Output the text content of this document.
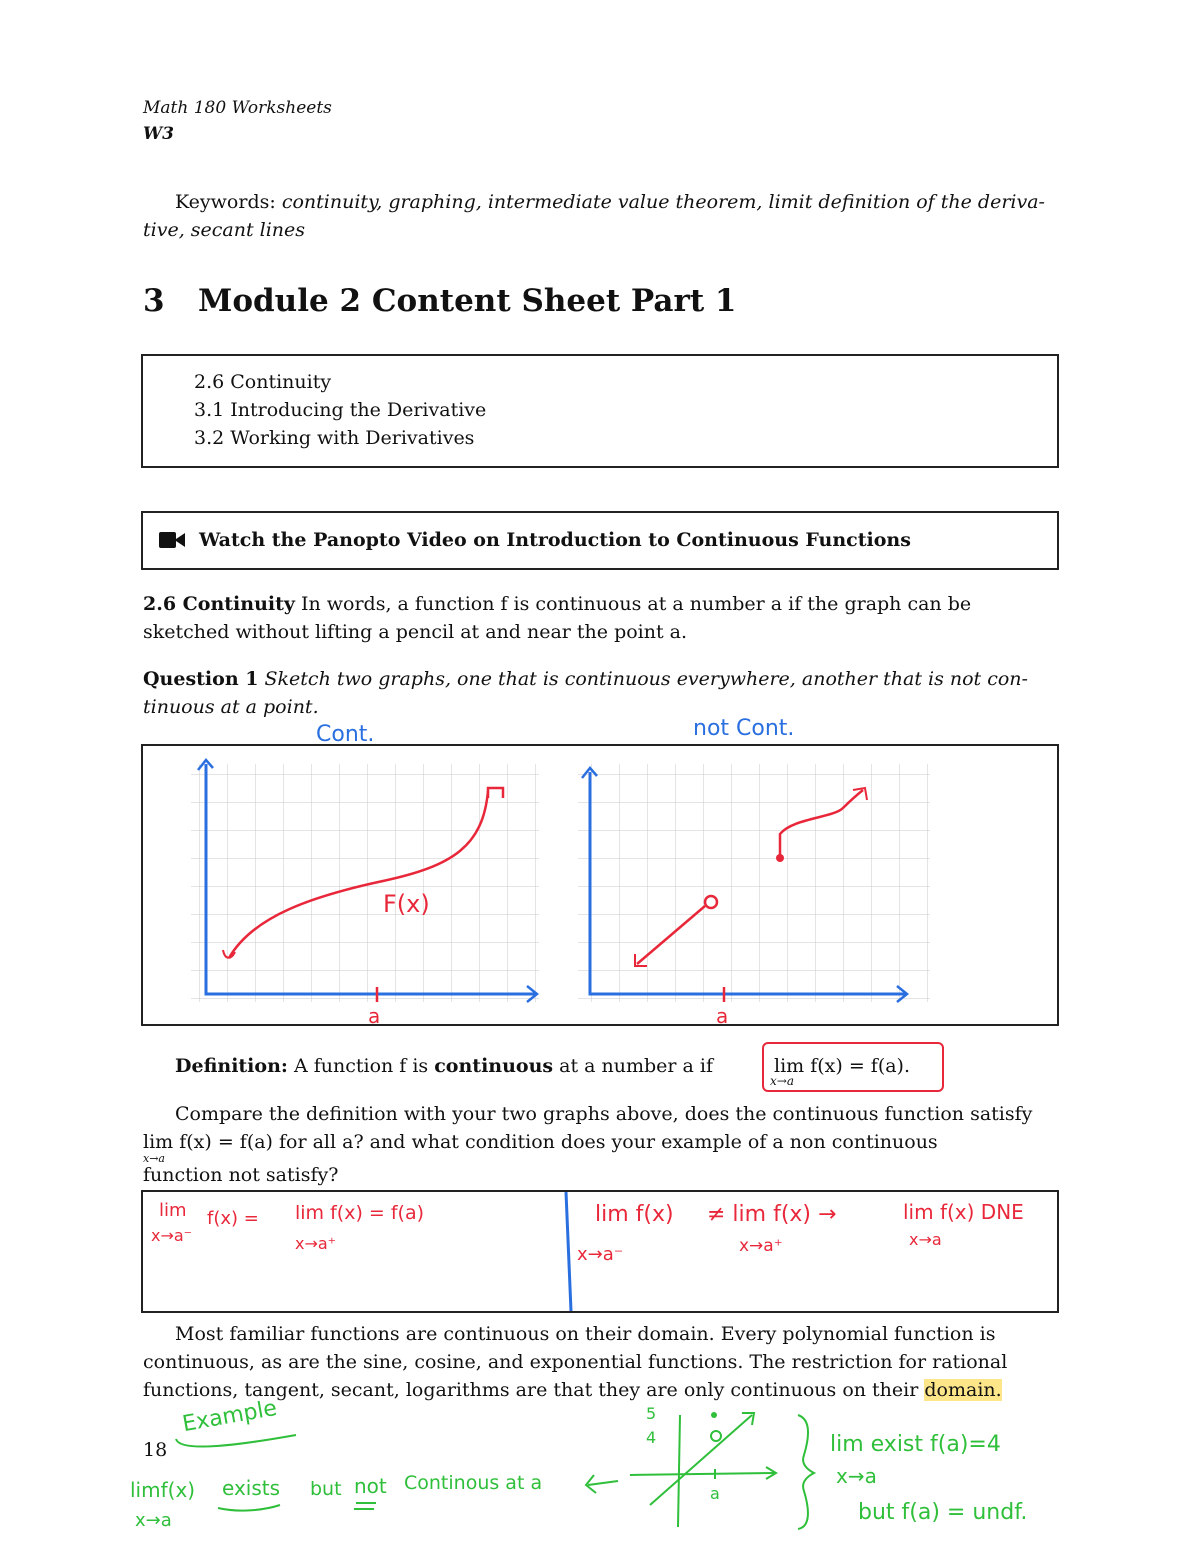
Math 180 Worksheets
W3
Keywords: continuity, graphing, intermediate value theorem, limit definition of the deriva-
tive, secant lines
3 Module 2 Content Sheet Part 1
2.6 Continuity
3.1 Introducing the Derivative
3.2 Working with Derivatives
Watch the Panopto Video on Introduction to Continuous Functions
2.6 Continuity In words, a function f is continuous at a number a if the graph can be
sketched without lifting a pencil at and near the point a.
Question 1 Sketch two graphs, one that is continuous everywhere, another that is not con-
tinuous at a point.
Cont.	not Cont.
F(x)
a	a
Definition: A function f is continuous at a number a if	lim f(x) = f(a).
x→a
Compare the definition with your two graphs above, does the continuous function satisfy
lim f(x) = f(a) for all a? and what condition does your example of a non continuous
x→a
function not satisfy?
lim
x→a⁻
f(x) = lim f(x) = f(a)
x→a⁺
lim f(x)
x→a⁻
≠ lim f(x) →
x→a⁺
lim f(x) DNE
x→a
Most familiar functions are continuous on their domain. Every polynomial function is
continuous, as are the sine, cosine, and exponential functions. The restriction for rational
functions, tangent, secant, logarithms are that they are only continuous on their domain.
18
Example
limf(x)
x→a
exists but not Continous at a
5
4
a
lim exist f(a)=4
x→a
but f(a) = undf.
